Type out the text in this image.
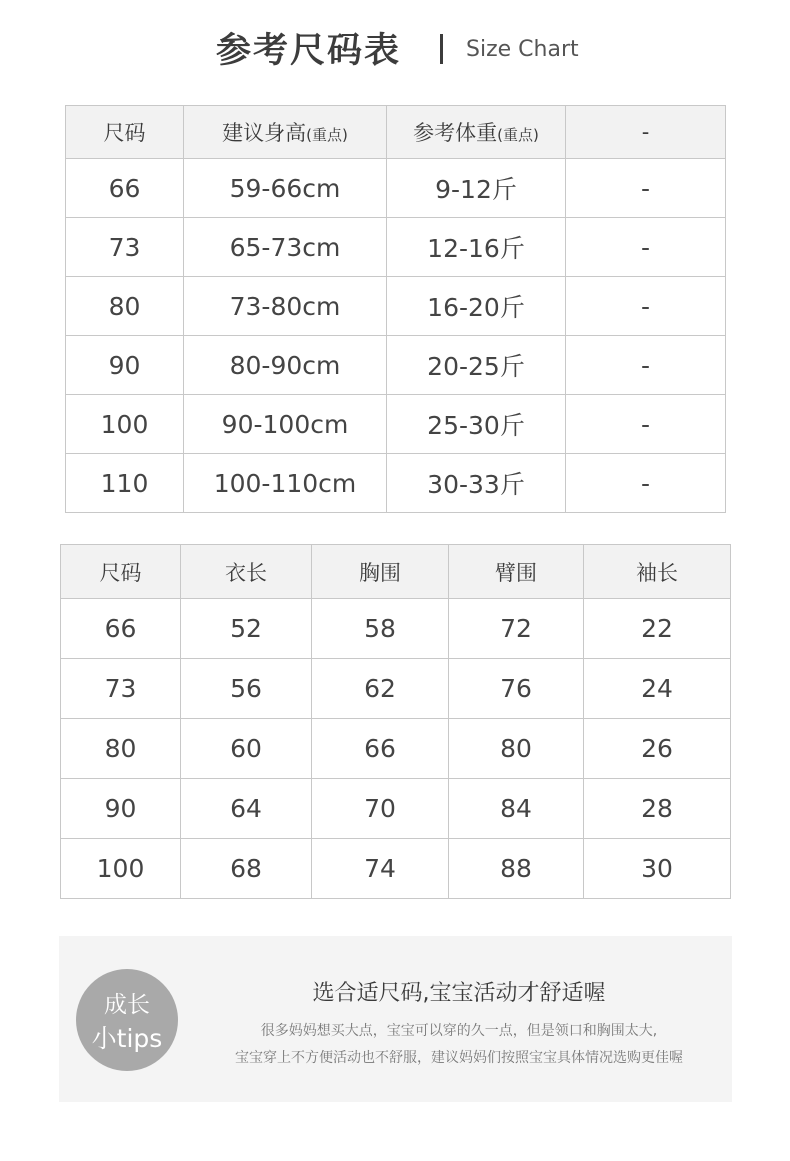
参考尺码表	Size Chart
尺码	建议身高(重点)	参考体重(重点)	-
66	59-66cm	9-12斤	-
73	65-73cm	12-16斤	-
80	73-80cm	16-20斤	-
90	80-90cm	20-25斤	-
100	90-100cm	25-30斤	-
110	100-110cm	30-33斤	-
尺码	衣长	胸围	臂围	袖长
66	52	58	72	22
73	56	62	76	24
80	60	66	80	26
90	64	70	84	28
100	68	74	88	30
成长
小tips
选合适尺码,宝宝活动才舒适喔
很多妈妈想买大点，宝宝可以穿的久一点，但是领口和胸围太大,
宝宝穿上不方便活动也不舒服，建议妈妈们按照宝宝具体情况选购更佳喔
